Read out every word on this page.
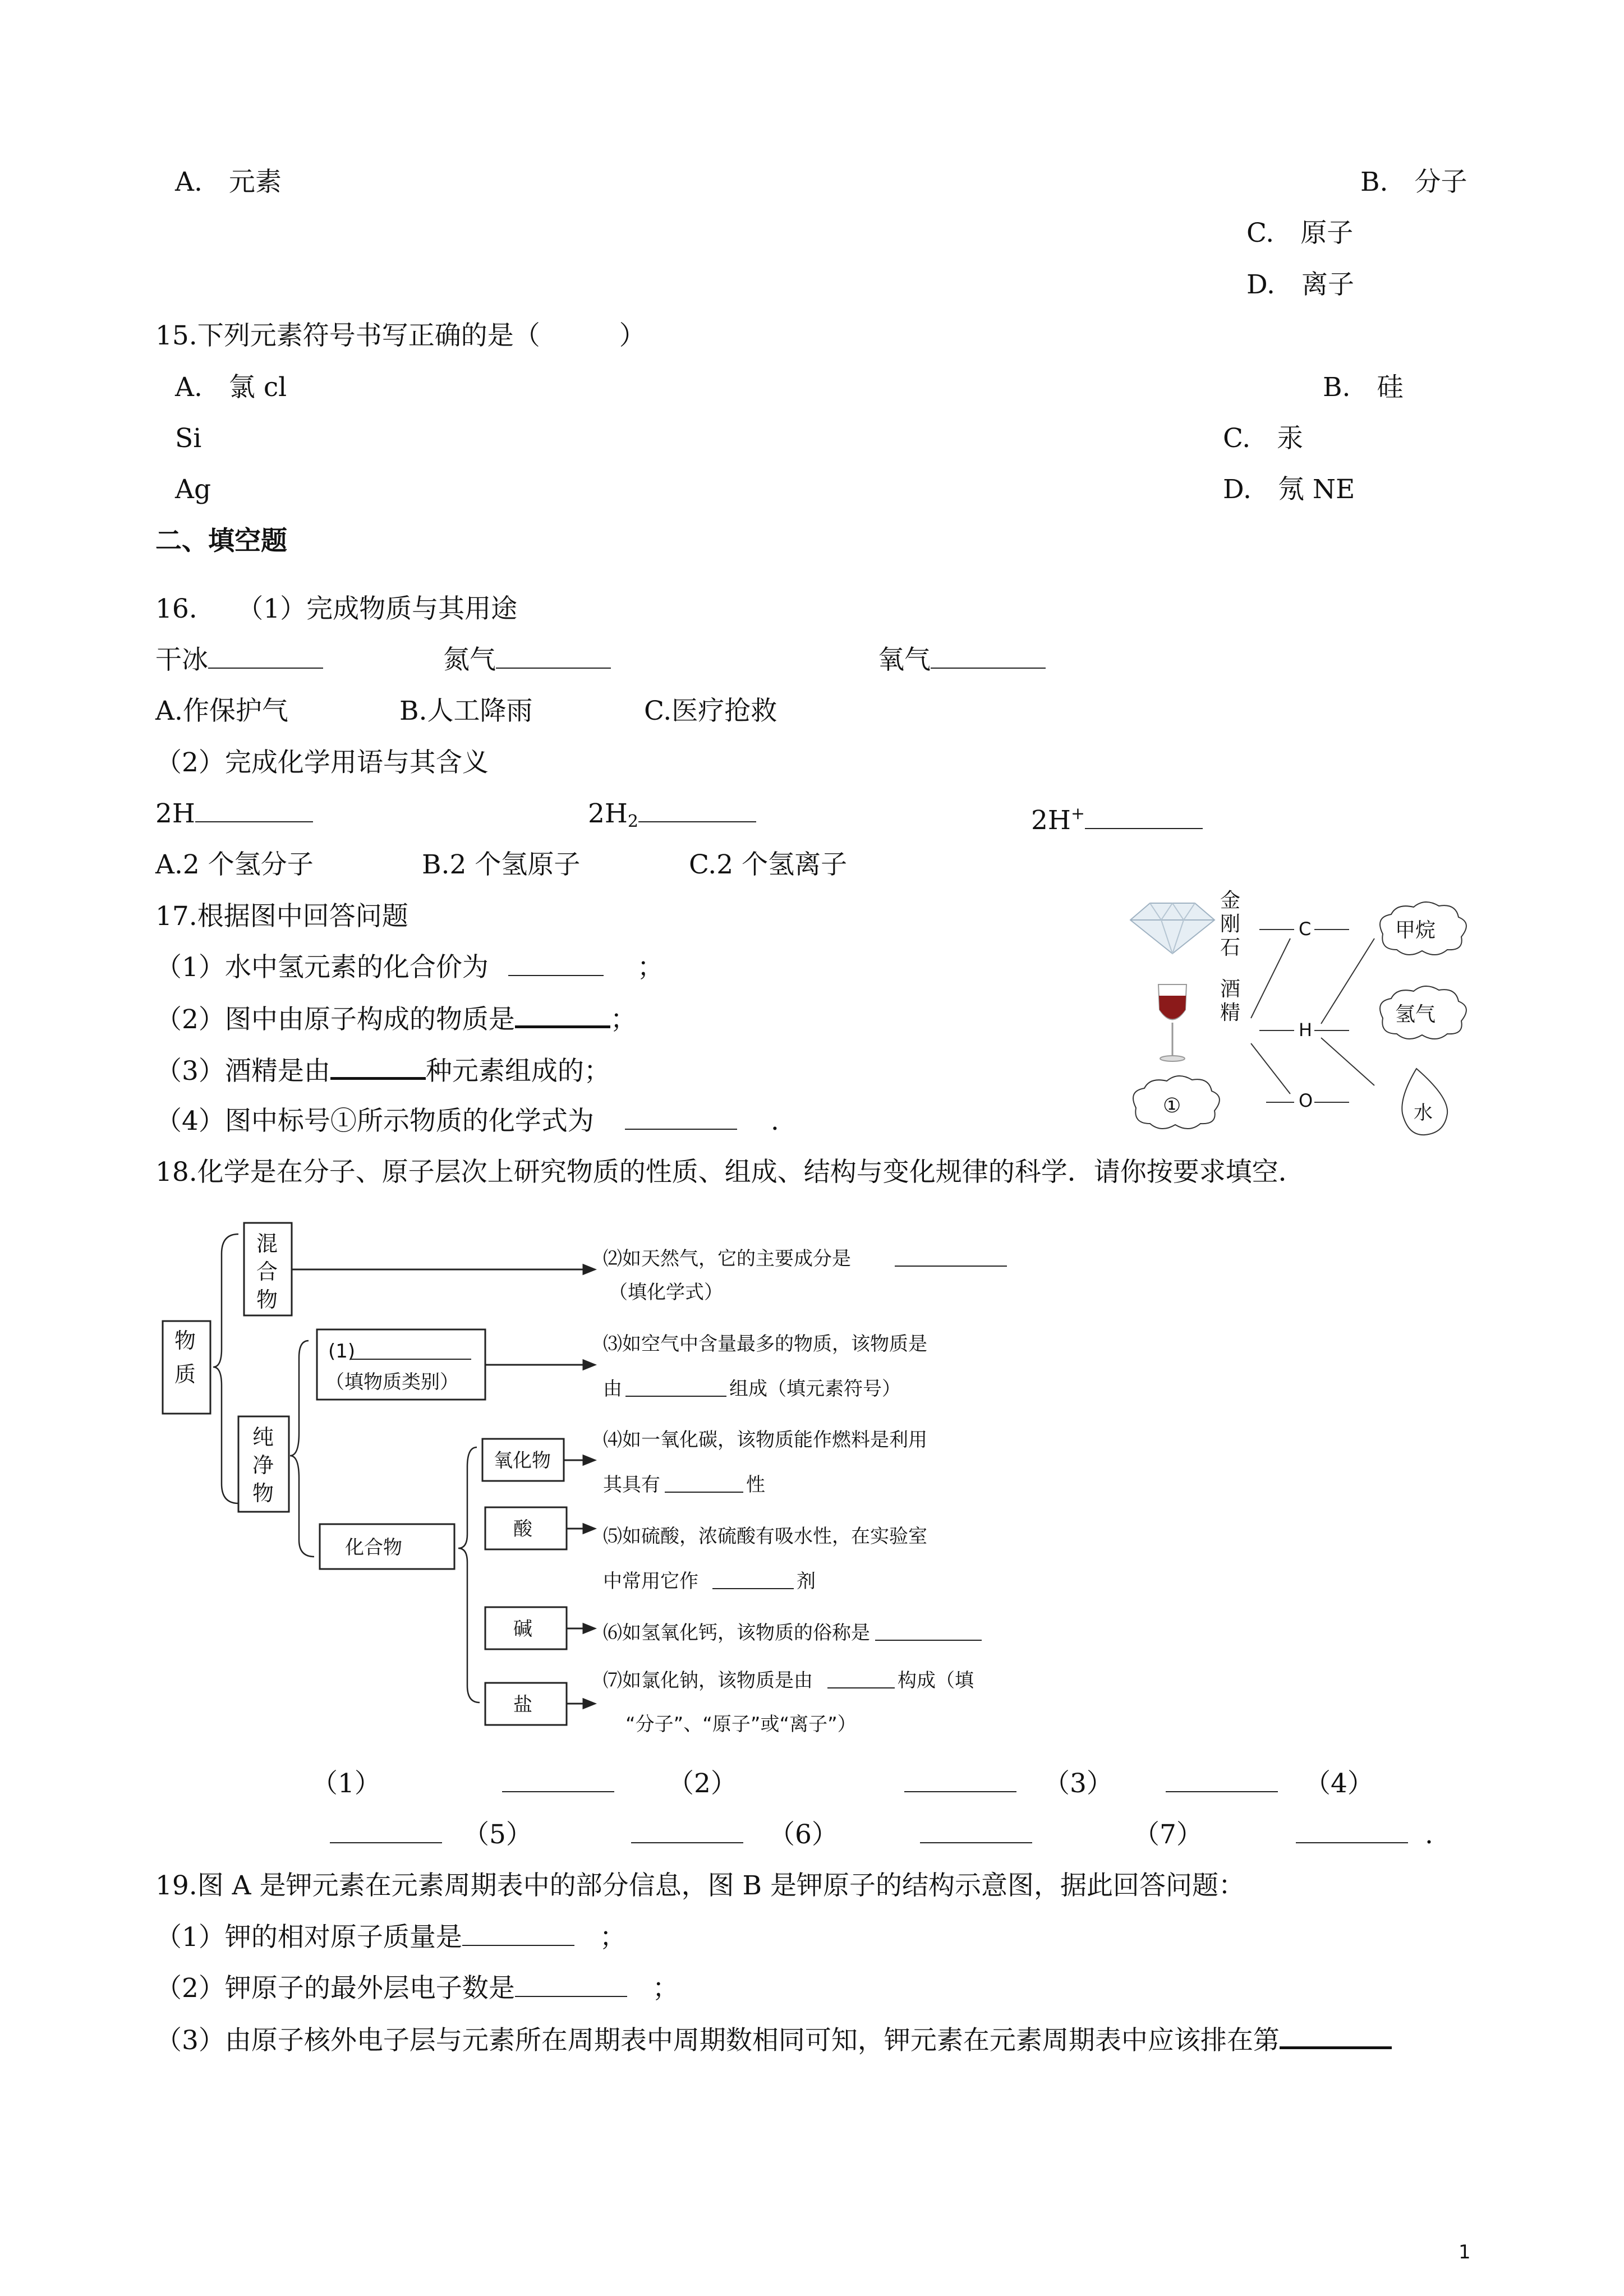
A.　元素	B.　分子
C.　原子
D.　离子
15.下列元素符号书写正确的是（　　　）
A.　氯 cl	B.　硅
Si	C.　汞
Ag	D.　氖 NE
二、填空题
16.　　（1）完成物质与其用途
干冰	氮气	氧气
A.作保护气	B.人工降雨	C.医疗抢救
（2）完成化学用语与其含义
2H	$2H_2$	2H+
A.2 个氢分子	B.2 个氢原子	C.2 个氢离子
17.根据图中回答问题
（1）水中氢元素的化合价为	；
（2）图中由原子构成的物质是	；
（3）酒精是由	种元素组成的；
（4）图中标号①所示物质的化学式为	.
金刚石
酒精
C
H
O
甲烷
氢气
①	水
18.化学是在分子、原子层次上研究物质的性质、组成、结构与变化规律的科学．请你按要求填空．
物
质
混
合
物
纯
净
物
(1)
（填物质类别）
化合物
氧化物
酸
碱
盐
⑵如天然气，它的主要成分是
（填化学式）
⑶如空气中含量最多的物质，该物质是
由	组成（填元素符号）
⑷如一氧化碳，该物质能作燃料是利用
其具有	性
⑸如硫酸，浓硫酸有吸水性，在实验室
中常用它作	剂
⑹如氢氧化钙，该物质的俗称是
⑺如氯化钠，该物质是由	构成（填
“分子”、“原子”或“离子”）
（1）	（2）	（3）	（4）
（5）	（6）	（7）	.
19.图 A 是钾元素在元素周期表中的部分信息，图 B 是钾原子的结构示意图，据此回答问题：
（1）钾的相对原子质量是	；
（2）钾原子的最外层电子数是	；
（3）由原子核外电子层与元素所在周期表中周期数相同可知，钾元素在元素周期表中应该排在第
1
